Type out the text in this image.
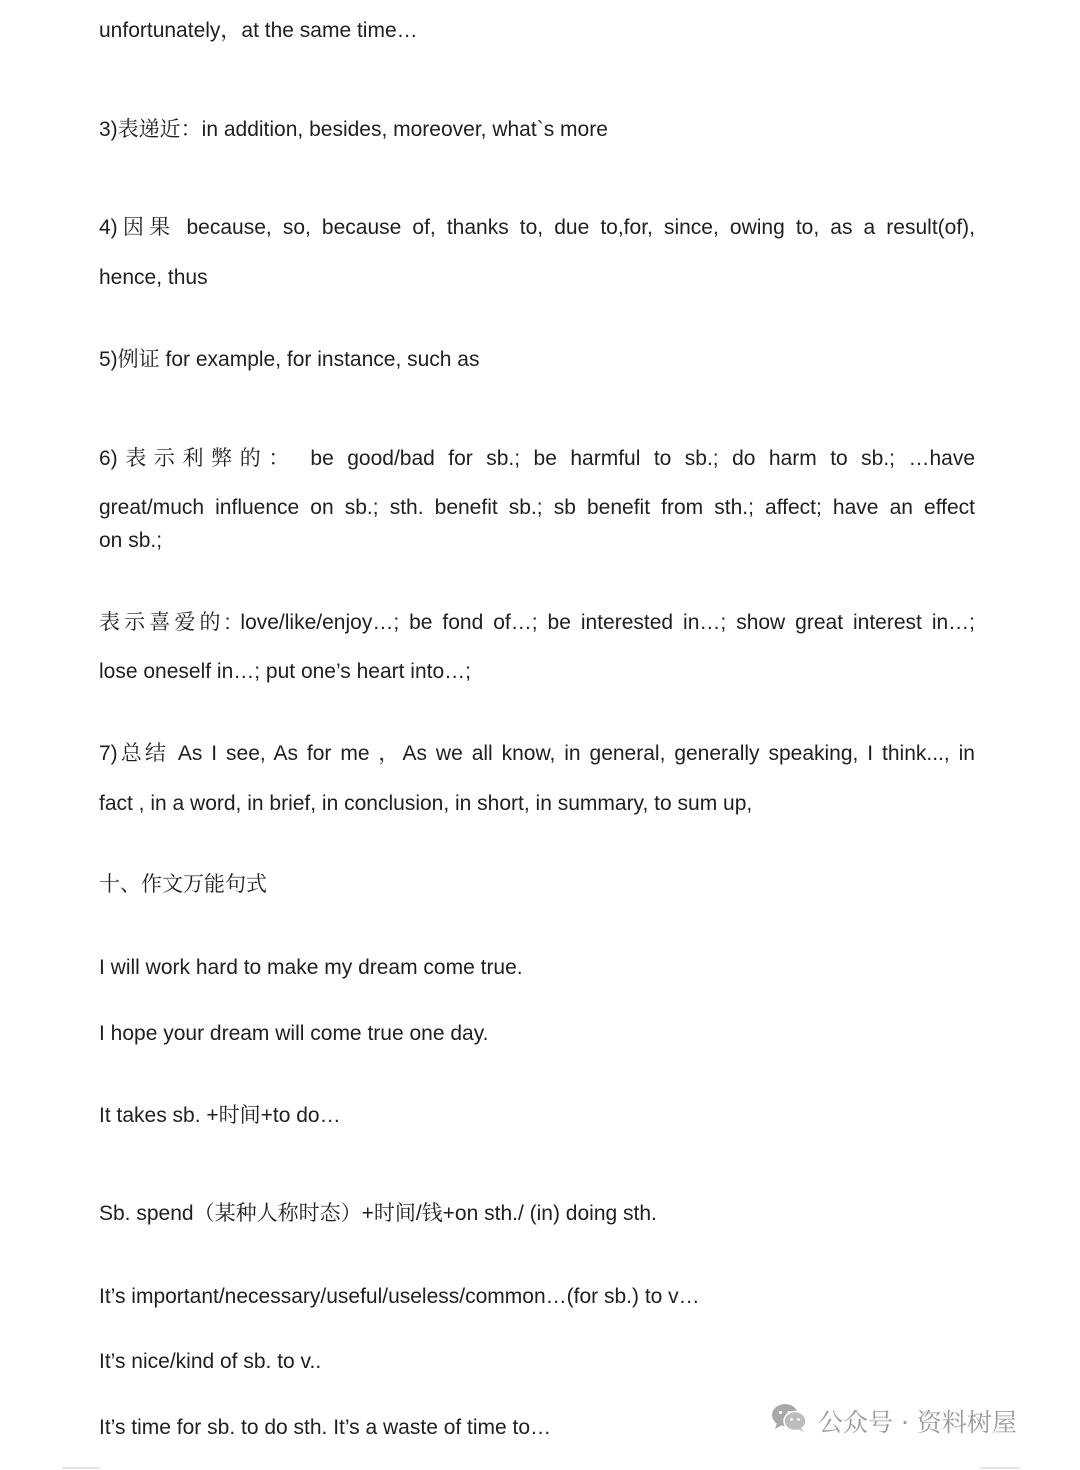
unfortunately，at the same time…
3)表递近：in addition, besides, moreover, what`s more
4)因果 because, so, because of, thanks to, due to,for, since, owing to, as a result(of),
hence, thus
5)例证 for example, for instance, such as
6)表示利弊的： be good/bad for sb.; be harmful to sb.; do harm to sb.; …have
great/much influence on sb.; sth. benefit sb.; sb benefit from sth.; affect; have an effect
on sb.;
表示喜爱的: love/like/enjoy…; be fond of…; be interested in…; show great interest in…;
lose oneself in…; put one’s heart into…;
7)总结 As I see, As for me ，As we all know, in general, generally speaking, I think..., in
fact , in a word, in brief, in conclusion, in short, in summary, to sum up,
十、作文万能句式
I will work hard to make my dream come true.
I hope your dream will come true one day.
It takes sb. +时间+to do…
Sb. spend（某种人称时态）+时间/钱+on sth./ (in) doing sth.
It’s important/necessary/useful/useless/common…(for sb.) to v…
It’s nice/kind of sb. to v..
It’s time for sb. to do sth. It’s a waste of time to…	公众号 · 资料树屋
